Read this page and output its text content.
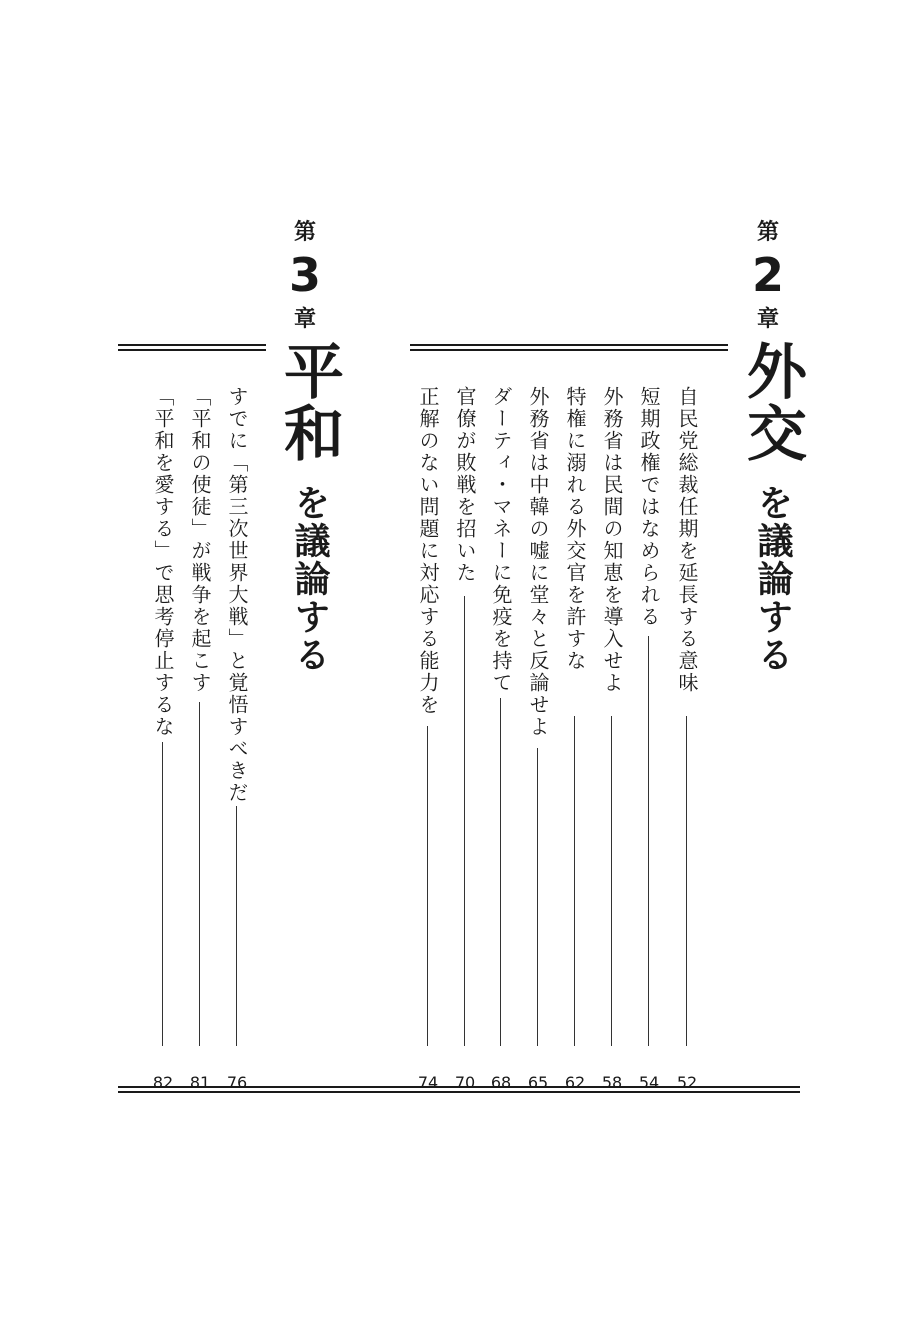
第
2
章
外交を議論する
第
3
章
平和を議論する	自民党総裁任期を延長する意味
52
短期政権ではなめられる
54
外務省は民間の知恵を導入せよ
58
特権に溺れる外交官を許すな
62
外務省は中韓の嘘に堂々と反論せよ
65
ダーティ・マネーに免疫を持て
68
官僚が敗戦を招いた
70
正解のない問題に対応する能力を
74
すでに「第三次世界大戦」と覚悟すべきだ
76
「平和の使徒」が戦争を起こす
81
「平和を愛する」で思考停止するな
82
